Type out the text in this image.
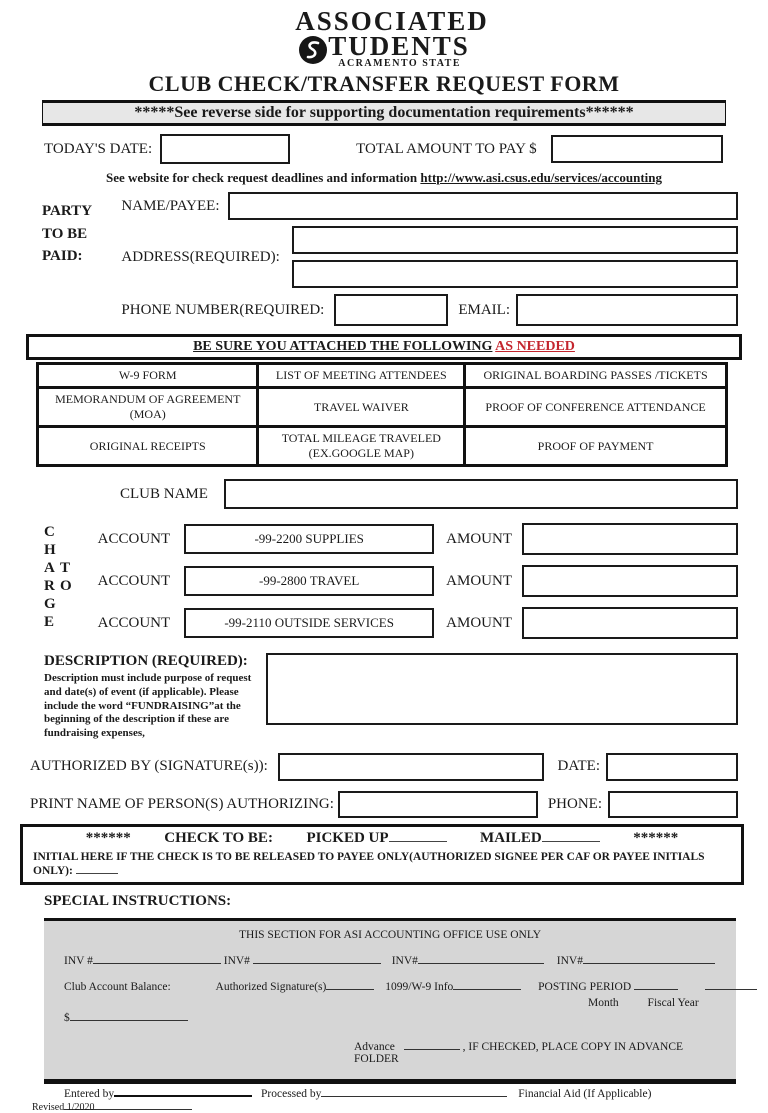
ASSOCIATED
TUDENTS
ACRAMENTO STATE
CLUB CHECK/TRANSFER REQUEST FORM
*****See reverse side for supporting documentation requirements******
TODAY'S DATE:	TOTAL AMOUNT TO PAY $
See website for check request deadlines and information http://www.asi.csus.edu/services/accounting
PARTY
TO BE
PAID:
NAME/PAYEE:
ADDRESS(REQUIRED):
PHONE NUMBER(REQUIRED:	EMAIL:
BE SURE YOU ATTACHED THE FOLLOWING AS NEEDED
W-9 FORM	LIST OF MEETING ATTENDEES	ORIGINAL BOARDING PASSES /TICKETS
MEMORANDUM OF AGREEMENT (MOA)	TRAVEL WAIVER	PROOF OF CONFERENCE ATTENDANCE
ORIGINAL RECEIPTS	TOTAL MILEAGE TRAVELED (EX.GOOGLE MAP)	PROOF OF PAYMENT
CLUB NAME
C
H
A T
R O
G
E
ACCOUNT	-99-2200 SUPPLIES	AMOUNT
ACCOUNT	-99-2800 TRAVEL	AMOUNT
ACCOUNT	-99-2110 OUTSIDE SERVICES	AMOUNT
DESCRIPTION (REQUIRED):
Description must include purpose of request and date(s) of event (if applicable). Please include the word “FUNDRAISING”at the beginning of the description if these are fundraising expenses,
AUTHORIZED BY (SIGNATURE(s)):	DATE:
PRINT NAME OF PERSON(S) AUTHORIZING:	PHONE:
****** CHECK TO BE: PICKED UP	MAILED	******
INITIAL HERE IF THE CHECK IS TO BE RELEASED TO PAYEE ONLY(AUTHORIZED SIGNEE PER CAF OR PAYEE INITIALS ONLY):
SPECIAL INSTRUCTIONS:
THIS SECTION FOR ASI ACCOUNTING OFFICE USE ONLY
INV #	INV#	INV#	INV#
Club Account Balance:	Authorized Signature(s)	1099/W-9 Info	POSTING PERIOD
Month	Fiscal Year
$
Advance	, IF CHECKED, PLACE COPY IN ADVANCE FOLDER
Entered by	Processed by	Financial Aid (If Applicable)
Revised 1/2020
